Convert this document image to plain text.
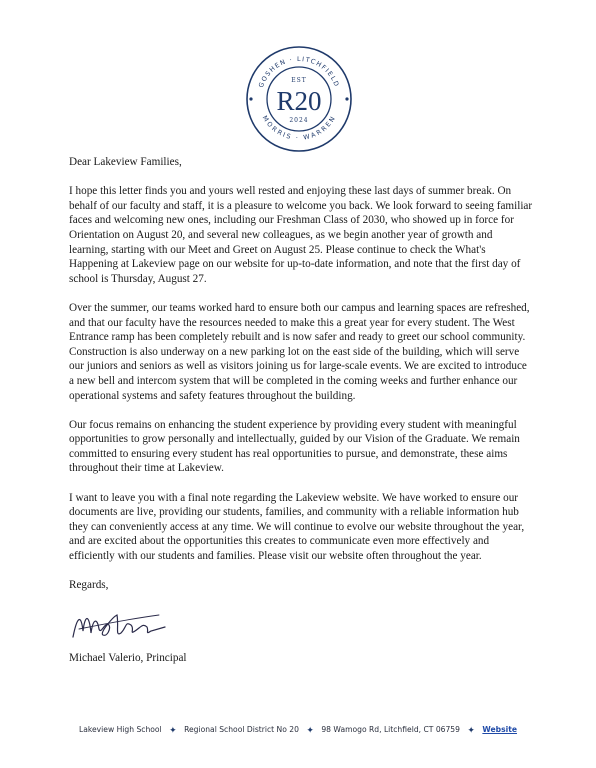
GOSHEN · LITCHFIELD
MORRIS · WARREN
EST
R20
2024

Dear Lakeview Families,

I hope this letter finds you and yours well rested and enjoying these last days of summer break. On behalf of our faculty and staff, it is a pleasure to welcome you back. We look forward to seeing familiar faces and welcoming new ones, including our Freshman Class of 2030, who showed up in force for Orientation on August 20, and several new colleagues, as we begin another year of growth and learning, starting with our Meet and Greet on August 25. Please continue to check the What's Happening at Lakeview page on our website for up-to-date information, and note that the first day of school is Thursday, August 27.

Over the summer, our teams worked hard to ensure both our campus and learning spaces are refreshed, and that our faculty have the resources needed to make this a great year for every student. The West Entrance ramp has been completely rebuilt and is now safer and ready to greet our school community. Construction is also underway on a new parking lot on the east side of the building, which will serve our juniors and seniors as well as visitors joining us for large-scale events. We are excited to introduce a new bell and intercom system that will be completed in the coming weeks and further enhance our operational systems and safety features throughout the building.

Our focus remains on enhancing the student experience by providing every student with meaningful opportunities to grow personally and intellectually, guided by our Vision of the Graduate. We remain committed to ensuring every student has real opportunities to pursue, and demonstrate, these aims throughout their time at Lakeview.

I want to leave you with a final note regarding the Lakeview website. We have worked to ensure our documents are live, providing our students, families, and community with a reliable information hub they can conveniently access at any time. We will continue to evolve our website throughout the year, and are excited about the opportunities this creates to communicate even more effectively and efficiently with our students and families. Please visit our website often throughout the year.

Regards,

Michael Valerio, Principal

Lakeview High School ✦ Regional School District No 20 ✦ 98 Wamogo Rd, Litchfield, CT 06759 ✦ Website
